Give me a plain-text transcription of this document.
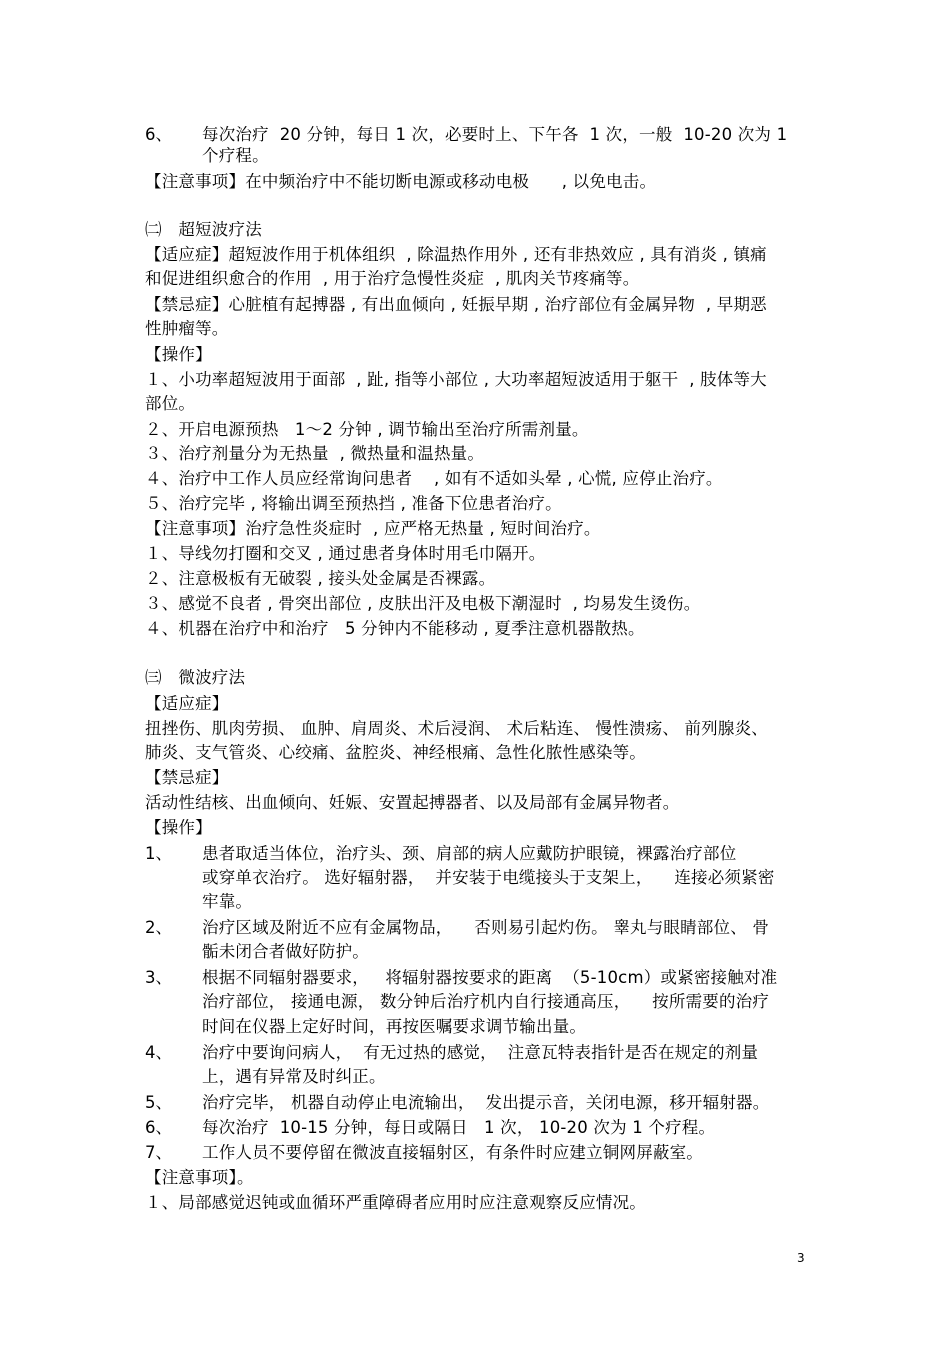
6、 每次治疗  20 分钟，每日 1 次，必要时上、下午各  1 次，一般  10-20 次为 1
个疗程。
【注意事项】在中频治疗中不能切断电源或移动电极      , 以免电击。
㈡　超短波疗法
【适应症】超短波作用于机体组织  , 除温热作用外 , 还有非热效应 , 具有消炎 , 镇痛
和促进组织愈合的作用  , 用于治疗急慢性炎症  , 肌肉关节疼痛等。
【禁忌症】心脏植有起搏器 , 有出血倾向 , 妊振早期 , 治疗部位有金属异物  , 早期恶
性肿瘤等。
【操作】
１、小功率超短波用于面部  , 趾, 指等小部位 , 大功率超短波适用于躯干  , 肢体等大
部位。
２、开启电源预热   1～2 分钟 , 调节输出至治疗所需剂量。
３、治疗剂量分为无热量  , 微热量和温热量。
４、治疗中工作人员应经常询问患者    , 如有不适如头晕 , 心慌, 应停止治疗。
５、治疗完毕 , 将输出调至预热挡 , 准备下位患者治疗。
【注意事项】治疗急性炎症时  , 应严格无热量 , 短时间治疗。
１、导线勿打圈和交叉 , 通过患者身体时用毛巾隔开。
２、注意极板有无破裂 , 接头处金属是否裸露。
３、感觉不良者 , 骨突出部位 , 皮肤出汗及电极下潮湿时  , 均易发生烫伤。
４、机器在治疗中和治疗   5 分钟内不能移动 , 夏季注意机器散热。
㈢　微波疗法
【适应症】
扭挫伤、肌肉劳损、 血肿、肩周炎、术后浸润、 术后粘连、 慢性溃疡、 前列腺炎、
肺炎、支气管炎、心绞痛、盆腔炎、神经根痛、急性化脓性感染等。
【禁忌症】
活动性结核、出血倾向、妊娠、安置起搏器者、以及局部有金属异物者。
【操作】
1、 患者取适当体位，治疗头、颈、肩部的病人应戴防护眼镜，裸露治疗部位
或穿单衣治疗。 选好辐射器，  并安装于电缆接头于支架上，    连接必须紧密
牢靠。
2、 治疗区域及附近不应有金属物品，    否则易引起灼伤。 睾丸与眼睛部位、 骨
骺未闭合者做好防护。
3、 根据不同辐射器要求，   将辐射器按要求的距离  （5-10cm）或紧密接触对准
治疗部位， 接通电源， 数分钟后治疗机内自行接通高压，    按所需要的治疗
时间在仪器上定好时间，再按医嘱要求调节输出量。
4、 治疗中要询问病人，  有无过热的感觉，  注意瓦特表指针是否在规定的剂量
上，遇有异常及时纠正。
5、 治疗完毕， 机器自动停止电流输出，  发出提示音，关闭电源，移开辐射器。
6、 每次治疗  10-15 分钟，每日或隔日   1 次， 10-20 次为 1 个疗程。
7、 工作人员不要停留在微波直接辐射区，有条件时应建立铜网屏蔽室。
【注意事项】。
１、局部感觉迟钝或血循环严重障碍者应用时应注意观察反应情况。
3
